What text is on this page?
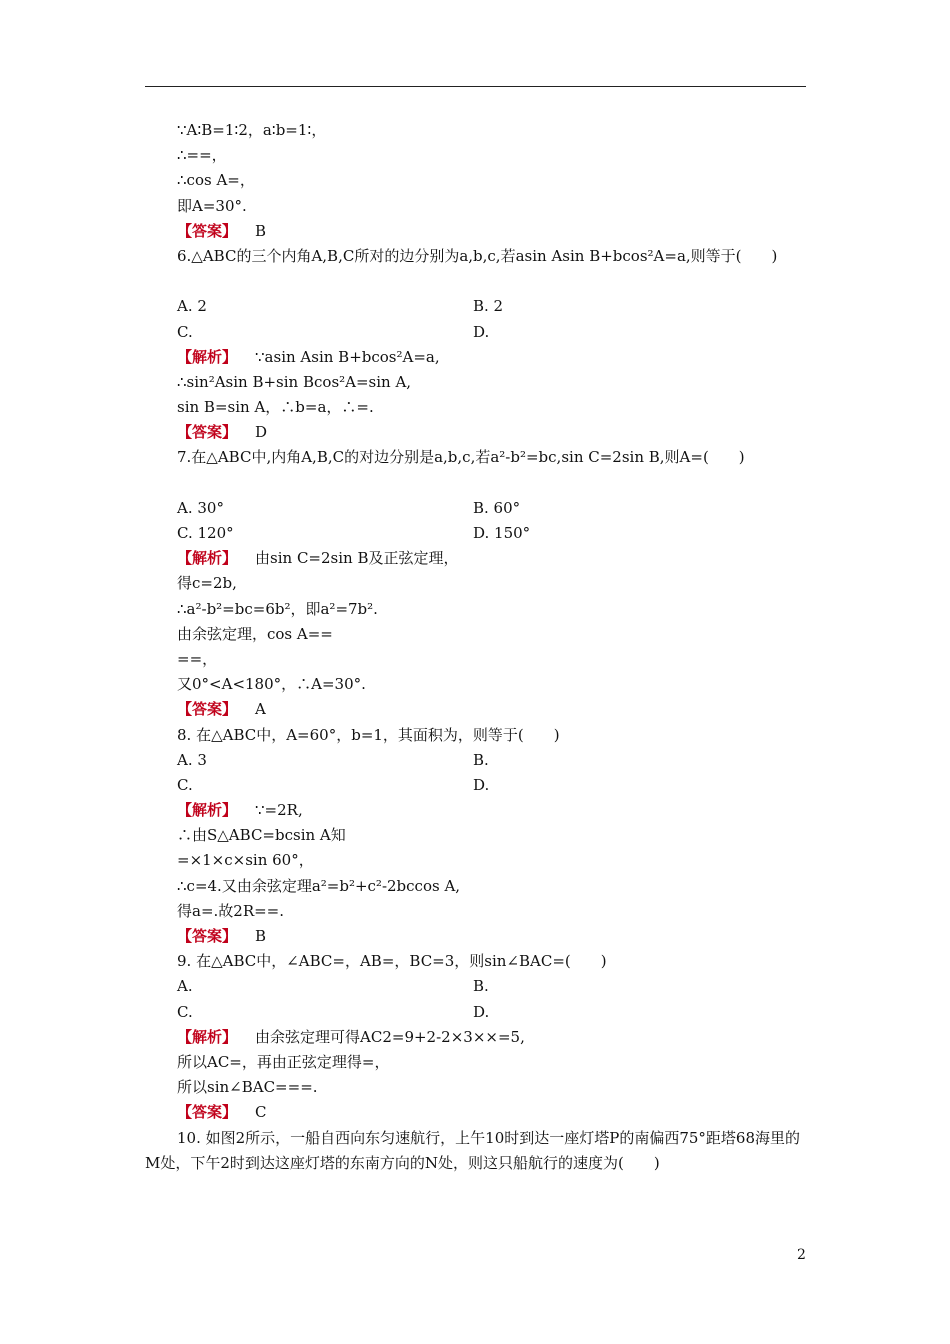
∵A∶B=1∶2，a∶b=1∶，
∴==，
∴cos A=，
即A=30°.
【答案】 B
6.△ABC的三个内角A,B,C所对的边分别为a,b,c,若asin Asin B+bcos²A=a,则等于(　　)
A. 2	B. 2
C.	D.
【解析】 ∵asin Asin B+bcos²A=a,
∴sin²Asin B+sin Bcos²A=sin A,
sin B=sin A，∴b=a，∴=.
【答案】 D
7.在△ABC中,内角A,B,C的对边分别是a,b,c,若a²-b²=bc,sin C=2sin B,则A=(　　)
A. 30°	B. 60°
C. 120°	D. 150°
【解析】 由sin C=2sin B及正弦定理，
得c=2b,
∴a²-b²=bc=6b²，即a²=7b².
由余弦定理，cos A==
==，
又0°<A<180°，∴A=30°.
【答案】 A
8. 在△ABC中，A=60°，b=1，其面积为，则等于(　　)
A. 3	B.
C.	D.
【解析】 ∵=2R,
∴由S△ABC=bcsin A知
=×1×c×sin 60°，
∴c=4.又由余弦定理a²=b²+c²-2bccos A,
得a=.故2R==.
【答案】 B
9. 在△ABC中，∠ABC=，AB=，BC=3，则sin∠BAC=(　　)
A.	B.
C.	D.
【解析】 由余弦定理可得AC2=9+2-2×3××=5,
所以AC=，再由正弦定理得=，
所以sin∠BAC===.
【答案】 C
10. 如图2所示，一船自西向东匀速航行，上午10时到达一座灯塔P的南偏西75°距塔68海里的M处，下午2时到达这座灯塔的东南方向的N处，则这只船航行的速度为(　　)
2
